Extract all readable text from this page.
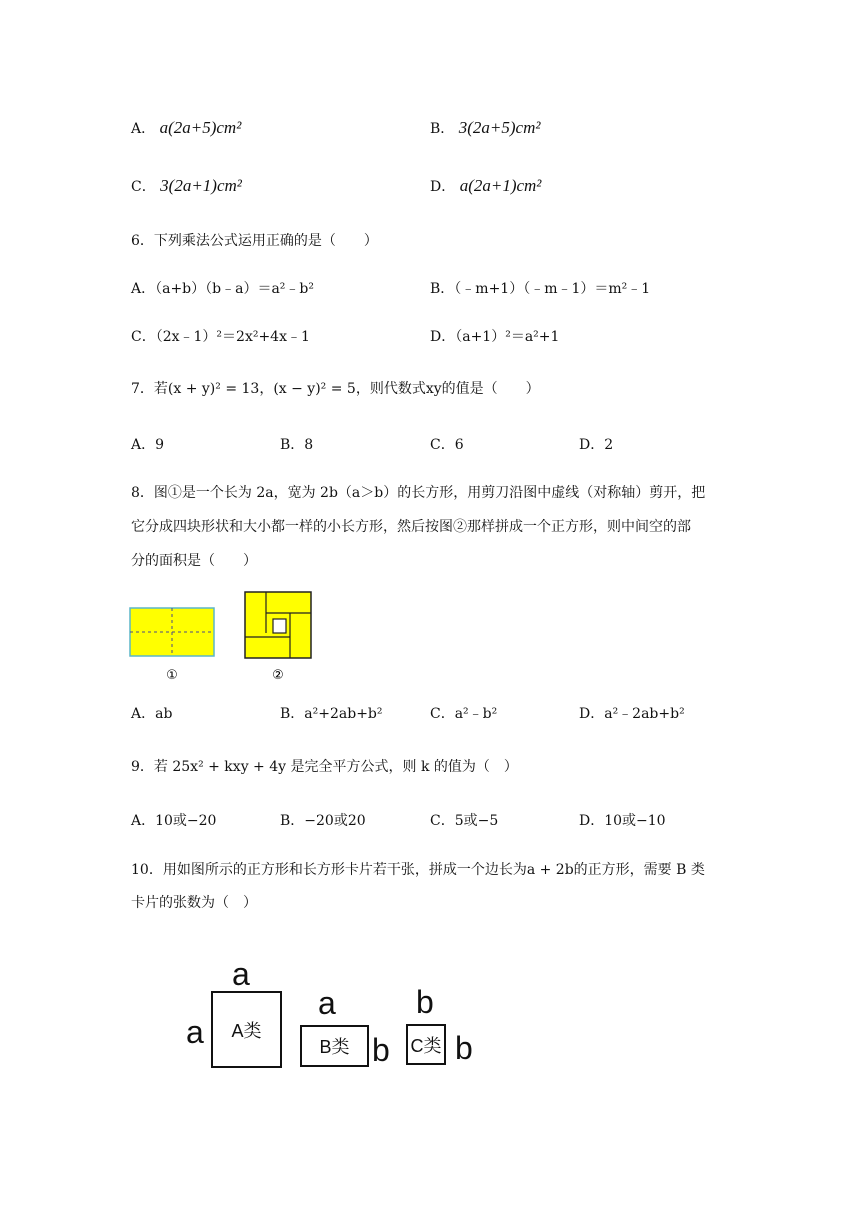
A． a(2a+5)cm²	B． 3(2a+5)cm²
C． 3(2a+1)cm²	D． a(2a+1)cm²
6．下列乘法公式运用正确的是（　　）
A．（a+b）（b﹣a）＝a²﹣b²	B．（﹣m+1）（﹣m﹣1）＝m²﹣1
C．（2x﹣1）²＝2x²+4x﹣1	D．（a+1）²＝a²+1
7．若(x + y)² = 13，(x − y)² = 5，则代数式xy的值是（　　）
A．9	B．8	C．6	D．2
8．图①是一个长为 2a，宽为 2b（a＞b）的长方形，用剪刀沿图中虚线（对称轴）剪开，把
它分成四块形状和大小都一样的小长方形，然后按图②那样拼成一个正方形，则中间空的部
分的面积是（　　）
①	②
A．ab	B．a²+2ab+b²	C．a²﹣b²	D．a²﹣2ab+b²
9．若 25x² + kxy + 4y 是完全平方公式，则 k 的值为（　）
A．10或−20	B．−20或20	C．5或−5	D．10或−10
10．用如图所示的正方形和长方形卡片若干张，拼成一个边长为a + 2b的正方形，需要 B 类
卡片的张数为（　）
a
a A类
a
B类 b
b
C类 b
